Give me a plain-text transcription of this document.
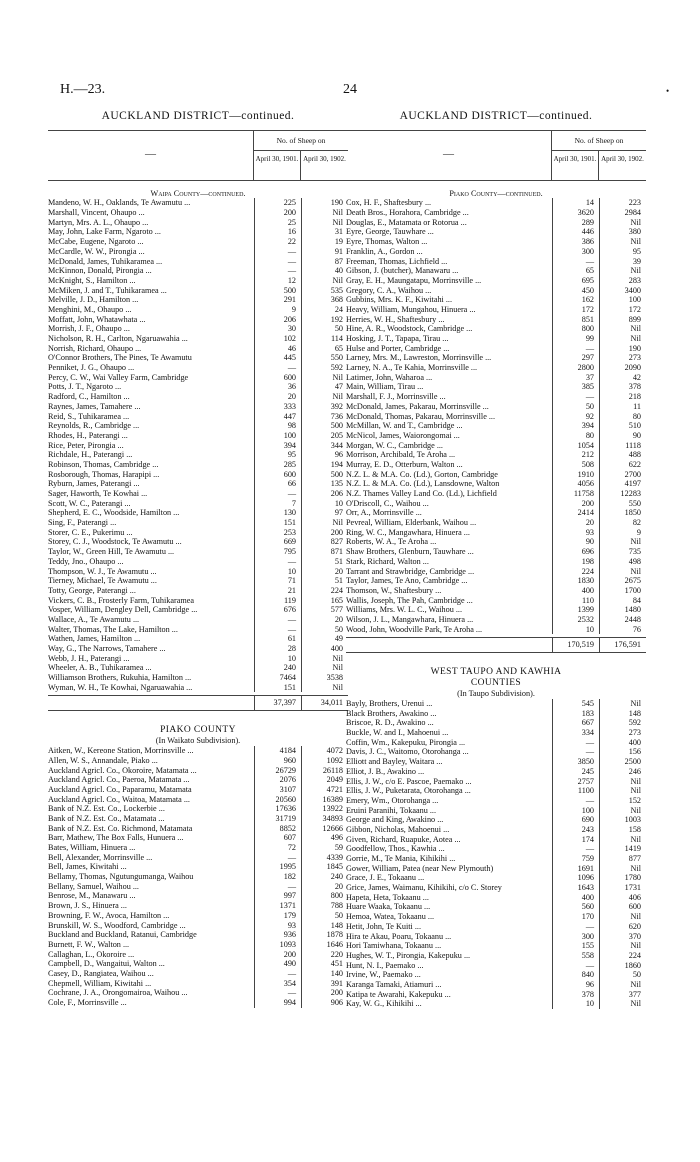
H.—23.	24	•
AUCKLAND DISTRICT—continued.
—
No. of Sheep on
April 30, 1901. April 30, 1902.
Waipa County—continued.
Mandeno, W. H., Oaklands, Te Awamutu ...	225	190
Marshall, Vincent, Ohaupo ...	200	Nil
Martyn, Mrs. A. L., Ohaupo ...	25	Nil
May, John, Lake Farm, Ngaroto ...	16	31
McCabe, Eugene, Ngaroto ...	22	19
McCardle, W. W., Pirongia ...	—	91
McDonald, James, Tuhikaramea ...	—	87
McKinnon, Donald, Pirongia ...	—	40
McKnight, S., Hamilton ...	12	Nil
McMiken, J. and T., Tuhikaramea ...	500	535
Melville, J. D., Hamilton ...	291	368
Menghini, M., Ohaupo ...	9	24
Moffatt, John, Whatawhata ...	206	192
Morrish, J. F., Ohaupo ...	30	50
Nicholson, R. H., Carlton, Ngaruawahia ...	102	114
Norrish, Richard, Ohaupo ...	46	65
O'Connor Brothers, The Pines, Te Awamutu	445	550
Penniket, J. G., Ohaupo ...	—	592
Percy, C. W., Wai Valley Farm, Cambridge	600	Nil
Potts, J. T., Ngaroto ...	36	47
Radford, C., Hamilton ...	20	Nil
Raynes, James, Tamahere ...	333	392
Reid, S., Tuhikaramea ...	447	736
Reynolds, R., Cambridge ...	98	500
Rhodes, H., Paterangi ...	100	205
Rice, Peter, Pirongia ...	394	344
Richdale, H., Paterangi ...	95	96
Robinson, Thomas, Cambridge ...	285	194
Rosborough, Thomas, Harapipi ...	600	500
Ryburn, James, Paterangi ...	66	135
Sager, Haworth, Te Kowhai ...	—	206
Scott, W. C., Paterangi ...	7	10
Shepherd, E. C., Woodside, Hamilton ...	130	97
Sing, F., Paterangi ...	151	Nil
Storer, C. E., Pukerimu ...	253	200
Storey, C. J., Woodstock, Te Awamutu ...	669	827
Taylor, W., Green Hill, Te Awamutu ...	795	871
Teddy, Jno., Ohaupo ...	—	51
Thompson, W. J., Te Awamutu ...	10	20
Tierney, Michael, Te Awamutu ...	71	51
Totty, George, Paterangi ...	21	224
Vickers, C. B., Frosterly Farm, Tuhikaramea	119	165
Vosper, William, Dengley Dell, Cambridge ...	676	577
Wallace, A., Te Awamutu ...	—	20
Walter, Thomas, The Lake, Hamilton ...	—	50
Wathen, James, Hamilton ...	61	49
Way, G., The Narrows, Tamahere ...	28	400
Webb, J. H., Paterangi ...	10	Nil
Wheeler, A. B., Tuhikaramea ...	240	Nil
Williamson Brothers, Rukuhia, Hamilton ...	7464	3538
Wyman, W. H., Te Kowhai, Ngaruawahia ...	151	Nil
37,397	34,011
PIAKO COUNTY
(In Waikato Subdivision).
Aitken, W., Kereone Station, Morrinsville ...	4184	4072
Allen, W. S., Annandale, Piako ...	960	1092
Auckland Agricl. Co., Okoroire, Matamata ...	26729	26118
Auckland Agricl. Co., Paeroa, Matamata ...	2076	2049
Auckland Agricl. Co., Paparamu, Matamata	3107	4721
Auckland Agricl. Co., Waitoa, Matamata ...	20560	16389
Bank of N.Z. Est. Co., Lockerbie ...	17636	13922
Bank of N.Z. Est. Co., Matamata ...	31719	34893
Bank of N.Z. Est. Co. Richmond, Matamata	8852	12666
Barr, Mathew, The Box Falls, Hunuera ...	607	496
Bates, William, Hinuera ...	72	59
Bell, Alexander, Morrinsville ...	—	4339
Bell, James, Kiwitahi ...	1995	1845
Bellamy, Thomas, Ngutungumanga, Waihou	182	240
Bellany, Samuel, Waihou ...	—	20
Benrose, M., Manawaru ...	997	800
Brown, J. S., Hinuera ...	1371	788
Browning, F. W., Avoca, Hamilton ...	179	50
Brunskill, W. S., Woodford, Cambridge ...	93	148
Buckland and Buckland, Ratanui, Cambridge	936	1878
Burnett, F. W., Walton ...	1093	1646
Callaghan, L., Okoroire ...	200	220
Campbell, D., Wangaitui, Walton ...	490	451
Casey, D., Rangiatea, Waihou ...	—	140
Chepmell, William, Kiwitahi ...	354	391
Cochrane, J. A., Orongomairoa, Waihou ...	—	200
Cole, F., Morrinsville ...	994	906
AUCKLAND DISTRICT—continued.
—
No. of Sheep on
April 30, 1901. April 30, 1902.
Piako County—continued.
Cox, H. F., Shaftesbury ...	14	223
Death Bros., Horahora, Cambridge ...	3620	2984
Douglas, E., Matamata or Rotorua ...	289	Nil
Eyre, George, Tauwhare ...	446	380
Eyre, Thomas, Walton ...	386	Nil
Franklin, A., Gordon ...	300	95
Freeman, Thomas, Lichfield ...	—	39
Gibson, J. (butcher), Manawaru ...	65	Nil
Gray, E. H., Maungatapu, Morrinsville ...	695	283
Gregory, C. A., Waihou ...	450	3400
Gubbins, Mrs. K. F., Kiwitahi ...	162	100
Heavy, William, Mungahou, Hinuera ...	172	172
Herries, W. H., Shaftesbury ...	851	899
Hine, A. R., Woodstock, Cambridge ...	800	Nil
Hosking, J. T., Tapapa, Tirau ...	99	Nil
Hulse and Porter, Cambridge ...	—	190
Larney, Mrs. M., Lawreston, Morrinsville ...	297	273
Larney, N. A., Te Kahia, Morrinsville ...	2800	2090
Latimer, John, Waharoa ...	37	42
Main, William, Tirau ...	385	378
Marshall, F. J., Morrinsville ...	—	218
McDonald, James, Pakarau, Morrinsville ...	50	11
McDonald, Thomas, Pakarau, Morrinsville ...	92	80
McMillan, W. and T., Cambridge ...	394	510
McNicol, James, Waiorongomai ...	80	90
Morgan, W. C., Cambridge ...	1054	1118
Morrison, Archibald, Te Aroha ...	212	488
Murray, E. D., Otterburn, Walton ...	508	622
N.Z. L. & M.A. Co. (Ld.), Gorton, Cambridge	1910	2700
N.Z. L. & M.A. Co. (Ld.), Lansdowne, Walton	4056	4197
N.Z. Thames Valley Land Co. (Ld.), Lichfield	11758	12283
O'Driscoll, C., Waihou ...	200	550
Orr, A., Morrinsville ...	2414	1850
Pevreal, William, Elderbank, Waihou ...	20	82
Ring, W. C., Mangawhara, Hinuera ...	93	9
Roberts, W. A., Te Aroha ...	90	Nil
Shaw Brothers, Glenburn, Tauwhare ...	696	735
Stark, Richard, Walton ...	198	498
Tarrant and Strawbridge, Cambridge ...	224	Nil
Taylor, James, Te Ano, Cambridge ...	1830	2675
Thomson, W., Shaftesbury ...	400	1700
Wallis, Joseph, The Pah, Cambridge ...	110	84
Williams, Mrs. W. L. C., Waihou ...	1399	1480
Wilson, J. L., Mangawhara, Hinuera ...	2532	2448
Wood, John, Woodville Park, Te Aroha ...	10	76
170,519	176,591
WEST TAUPO AND KAWHIA
COUNTIES
(In Taupo Subdivision).
Bayly, Brothers, Urenui ...	545	Nil
Black Brothers, Awakino ...	183	148
Briscoe, R. D., Awakino ...	667	592
Buckle, W. and I., Mahoenui ...	334	273
Coffin, Wm., Kakepuku, Pirongia ...	—	400
Davis, J. C., Waitomo, Otorohanga ...	—	156
Elliott and Bayley, Waitara ...	3850	2500
Elliot, J. B., Awakino ...	245	246
Ellis, J. W., c/o E. Pascoe, Paemako ...	2757	Nil
Ellis, J. W., Puketarata, Otorohanga ...	1100	Nil
Emery, Wm., Otorohanga ...	—	152
Eruini Paranihi, Tokaanu ...	100	Nil
George and King, Awakino ...	690	1003
Gibbon, Nicholas, Mahoenui ...	243	158
Given, Richard, Ruapuke, Aotea ...	174	Nil
Goodfellow, Thos., Kawhia ...	—	1419
Gorrie, M., Te Mania, Kihikihi ...	759	877
Gower, William, Patea (near New Plymouth)	1691	Nil
Grace, J. E., Tokaanu ...	1096	1780
Grice, James, Waimanu, Kihikihi, c/o C. Storey	1643	1731
Hapeta, Heta, Tokaanu ...	400	406
Huare Waaka, Tokaanu ...	560	600
Hemoa, Watea, Tokaanu ...	170	Nil
Hetit, John, Te Kuiti ...	—	620
Hira te Akau, Poaru, Tokaanu ...	300	370
Hori Tamiwhana, Tokaanu ...	155	Nil
Hughes, W. T., Pirongia, Kakepuku ...	558	224
Hunt, N. I., Paemako ...	—	1860
Irvine, W., Paemako ...	840	50
Karanga Tamaki, Atiamuri ...	96	Nil
Katipa te Awarahi, Kakepuku ...	378	377
Kay, W. G., Kihikihi ...	10	Nil
